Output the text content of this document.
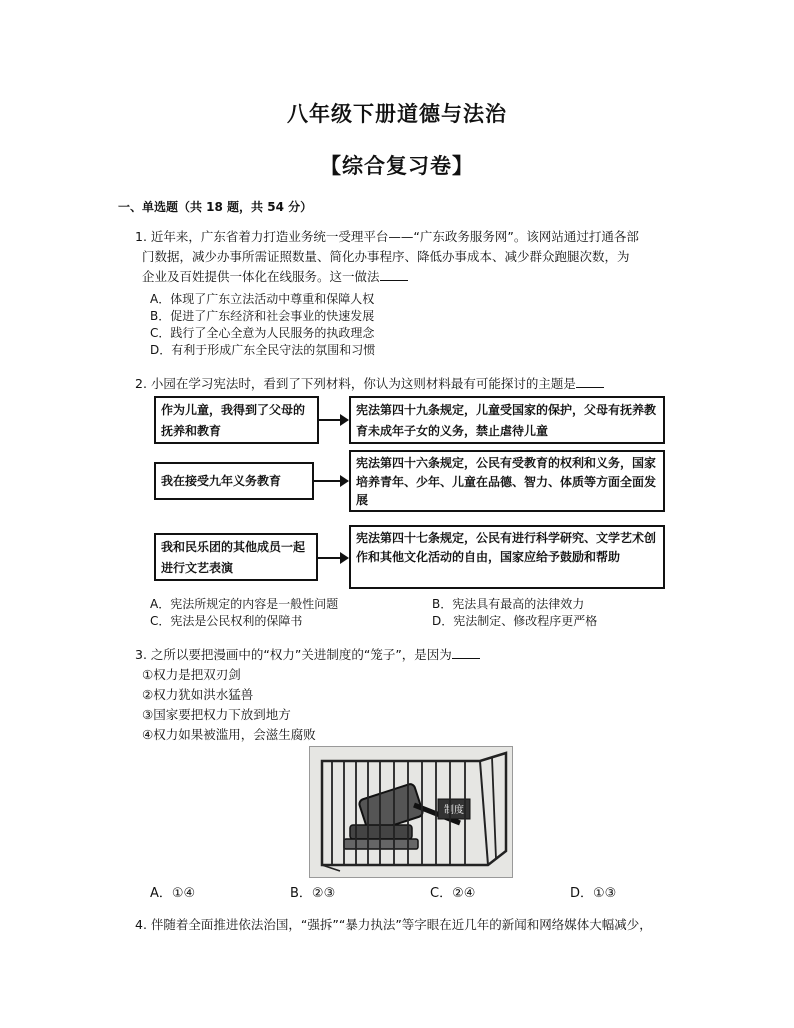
八年级下册道德与法治
【综合复习卷】
一、单选题（共 18 题，共 54 分）
1. 近年来，广东省着力打造业务统一受理平台——“广东政务服务网”。该网站通过打通各部
门数据，减少办事所需证照数量、简化办事程序、降低办事成本、减少群众跑腿次数，为
企业及百姓提供一体化在线服务。这一做法
A．体现了广东立法活动中尊重和保障人权
B．促进了广东经济和社会事业的快速发展
C．践行了全心全意为人民服务的执政理念
D．有利于形成广东全民守法的氛围和习惯
2. 小园在学习宪法时，看到了下列材料，你认为这则材料最有可能探讨的主题是
作为儿童，我得到了父母的抚养和教育
宪法第四十九条规定，儿童受国家的保护，父母有抚养教育未成年子女的义务，禁止虐待儿童
我在接受九年义务教育
宪法第四十六条规定，公民有受教育的权利和义务，国家培养青年、少年、儿童在品德、智力、体质等方面全面发展
我和民乐团的其他成员一起进行文艺表演
宪法第四十七条规定，公民有进行科学研究、文学艺术创作和其他文化活动的自由，国家应给予鼓励和帮助
A．宪法所规定的内容是一般性问题	B．宪法具有最高的法律效力
C．宪法是公民权利的保障书	D．宪法制定、修改程序更严格
3. 之所以要把漫画中的“权力”关进制度的“笼子”，是因为
①权力是把双刃剑
②权力犹如洪水猛兽
③国家要把权力下放到地方
④权力如果被滥用，会滋生腐败
制度
A．①④	B．②③	C．②④	D．①③
4. 伴随着全面推进依法治国，“强拆”“暴力执法”等字眼在近几年的新闻和网络媒体大幅减少，
